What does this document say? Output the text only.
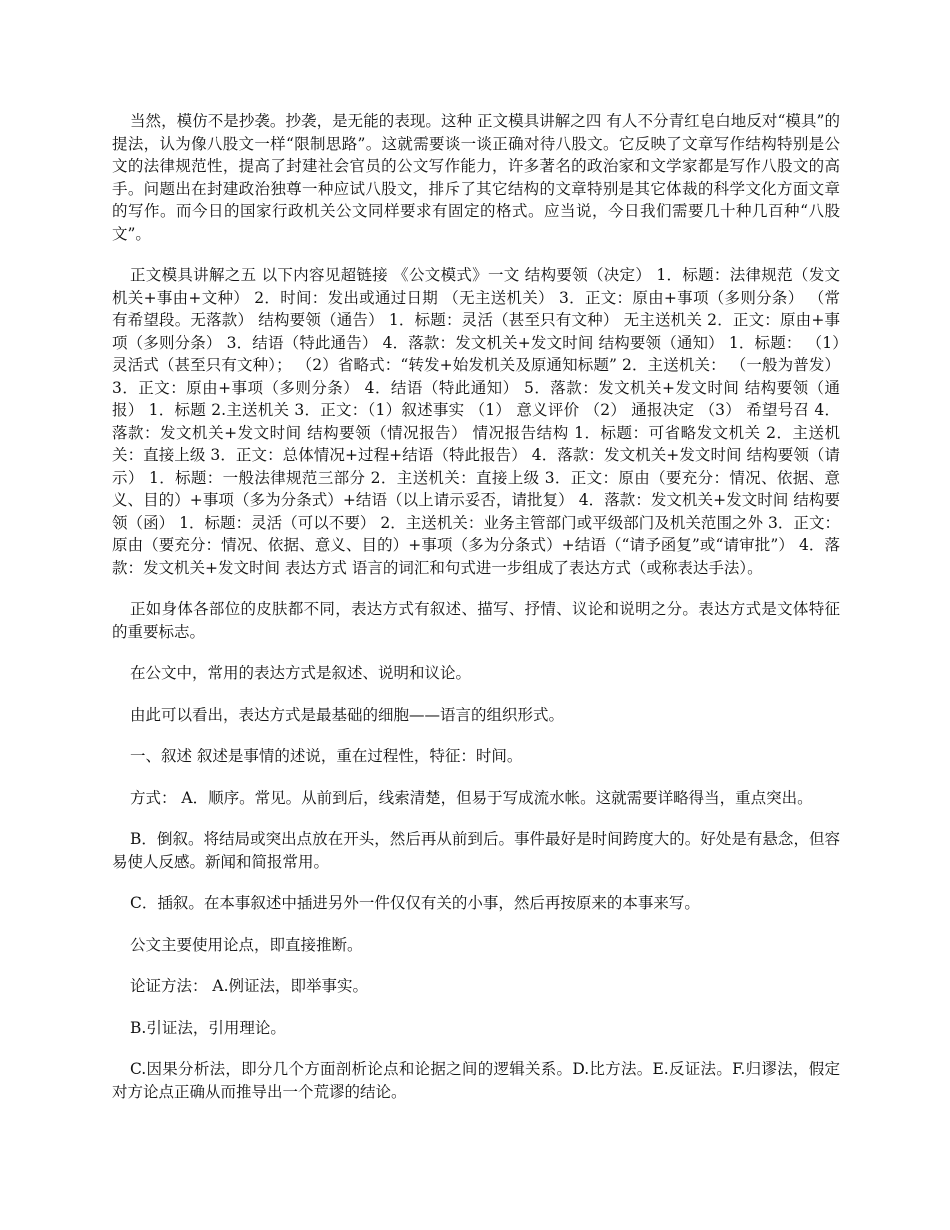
当然，模仿不是抄袭。抄袭，是无能的表现。这种 正文模具讲解之四 有人不分青红皂白地反对“模具”的提法，认为像八股文一样“限制思路”。这就需要谈一谈正确对待八股文。它反映了文章写作结构特别是公文的法律规范性，提高了封建社会官员的公文写作能力，许多著名的政治家和文学家都是写作八股文的高手。问题出在封建政治独尊一种应试八股文，排斥了其它结构的文章特别是其它体裁的科学文化方面文章的写作。而今日的国家行政机关公文同样要求有固定的格式。应当说，今日我们需要几十种几百种“八股文”。

正文模具讲解之五 以下内容见超链接 《公文模式》一文 结构要领（决定） 1．标题：法律规范（发文机关+事由+文种） 2．时间：发出或通过日期 （无主送机关） 3．正文：原由+事项（多则分条） （常有希望段。无落款） 结构要领（通告） 1．标题：灵活（甚至只有文种） 无主送机关 2．正文：原由+事项（多则分条） 3．结语（特此通告） 4．落款：发文机关+发文时间 结构要领（通知） 1．标题： （1）灵活式（甚至只有文种）； （2）省略式：“转发+始发机关及原通知标题” 2．主送机关： （一般为普发） 3．正文：原由+事项（多则分条） 4．结语（特此通知） 5．落款：发文机关+发文时间 结构要领（通报） 1．标题 2.主送机关 3．正文：（1）叙述事实 （1） 意义评价 （2） 通报决定 （3） 希望号召 4．落款：发文机关+发文时间 结构要领（情况报告） 情况报告结构 1．标题：可省略发文机关 2．主送机关：直接上级 3．正文：总体情况+过程+结语（特此报告） 4．落款：发文机关+发文时间 结构要领（请示） 1．标题：一般法律规范三部分 2．主送机关：直接上级 3．正文：原由（要充分：情况、依据、意义、目的）+事项（多为分条式）+结语（以上请示妥否，请批复） 4．落款：发文机关+发文时间 结构要领（函） 1．标题：灵活（可以不要） 2．主送机关：业务主管部门或平级部门及机关范围之外 3．正文：原由（要充分：情况、依据、意义、目的）+事项（多为分条式）+结语（“请予函复”或“请审批”） 4．落款：发文机关+发文时间 表达方式 语言的词汇和句式进一步组成了表达方式（或称表达手法）。

正如身体各部位的皮肤都不同，表达方式有叙述、描写、抒情、议论和说明之分。表达方式是文体特征的重要标志。

在公文中，常用的表达方式是叙述、说明和议论。

由此可以看出，表达方式是最基础的细胞——语言的组织形式。

一、叙述 叙述是事情的述说，重在过程性，特征：时间。

方式： A．顺序。常见。从前到后，线索清楚，但易于写成流水帐。这就需要详略得当，重点突出。

B．倒叙。将结局或突出点放在开头，然后再从前到后。事件最好是时间跨度大的。好处是有悬念，但容易使人反感。新闻和简报常用。

C．插叙。在本事叙述中插进另外一件仅仅有关的小事，然后再按原来的本事来写。

公文主要使用论点，即直接推断。

论证方法： A.例证法，即举事实。

B.引证法，引用理论。

C.因果分析法，即分几个方面剖析论点和论据之间的逻辑关系。D.比方法。E.反证法。F.归谬法，假定对方论点正确从而推导出一个荒谬的结论。
